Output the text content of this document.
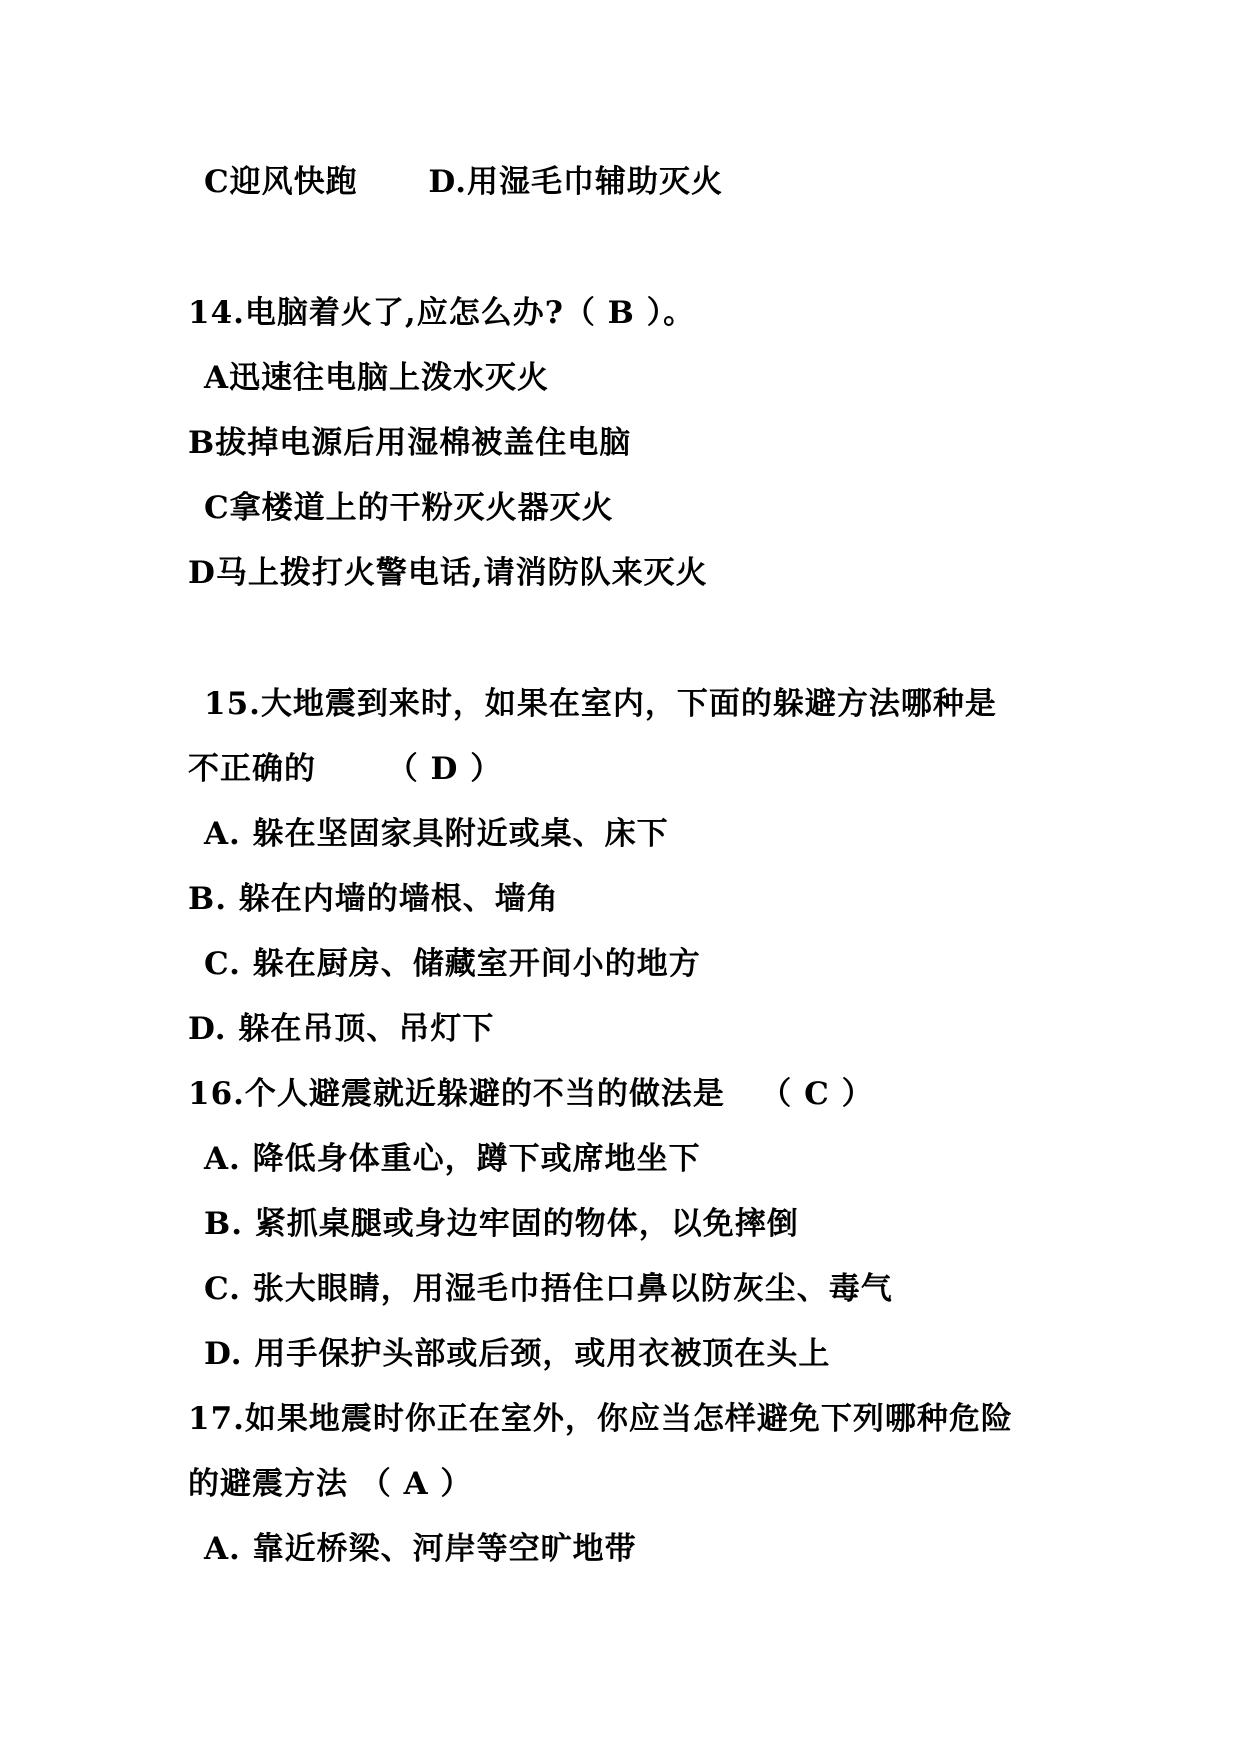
C迎风快跑      D.用湿毛巾辅助灭火
14.电脑着火了,应怎么办?（ B ）。
A迅速往电脑上泼水灭火
B拔掉电源后用湿棉被盖住电脑
C拿楼道上的干粉灭火器灭火
D马上拨打火警电话,请消防队来灭火
15.大地震到来时，如果在室内，下面的躲避方法哪种是
不正确的      （ D ）
A. 躲在坚固家具附近或桌、床下
B. 躲在内墙的墙根、墙角
C. 躲在厨房、储藏室开间小的地方
D. 躲在吊顶、吊灯下
16.个人避震就近躲避的不当的做法是   （ C ）
A. 降低身体重心，蹲下或席地坐下
B. 紧抓桌腿或身边牢固的物体，以免摔倒
C. 张大眼睛，用湿毛巾捂住口鼻以防灰尘、毒气
D. 用手保护头部或后颈，或用衣被顶在头上
17.如果地震时你正在室外，你应当怎样避免下列哪种危险
的避震方法 （ A ）
A. 靠近桥梁、河岸等空旷地带
